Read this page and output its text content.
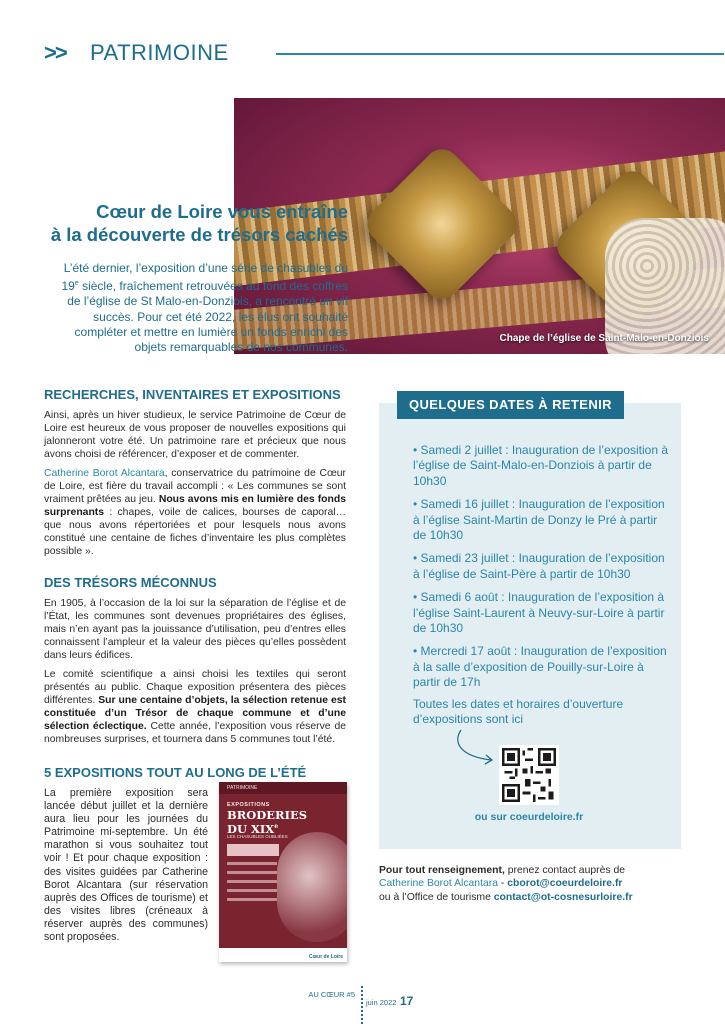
>> PATRIMOINE
Chape de l’église de Saint-Malo-en-Donziois
Cœur de Loire vous entraîne
à la découverte de trésors cachés
L’été dernier, l’exposition d’une série de chasubles du 19e siècle, fraîchement retrouvées au fond des coffres de l’église de St Malo-en-Donziois, a rencontré un vif succès. Pour cet été 2022, les élus ont souhaité compléter et mettre en lumière un fonds enrichi des objets remarquables de nos communes.
RECHERCHES, INVENTAIRES ET EXPOSITIONS

Ainsi, après un hiver studieux, le service Patrimoine de Cœur de Loire est heureux de vous proposer de nouvelles expositions qui jalonneront votre été. Un patrimoine rare et précieux que nous avons choisi de référencer, d’exposer et de commenter.

Catherine Borot Alcantara, conservatrice du patrimoine de Cœur de Loire, est fière du travail accompli : « Les communes se sont vraiment prêtées au jeu. Nous avons mis en lumière des fonds surprenants : chapes, voile de calices, bourses de caporal… que nous avons répertoriées et pour lesquels nous avons constitué une centaine de fiches d’inventaire les plus complètes possible ».

DES TRÉSORS MÉCONNUS

En 1905, à l’occasion de la loi sur la séparation de l’église et de l’État, les communes sont devenues propriétaires des églises, mais n’en ayant pas la jouissance d’utilisation, peu d’entres elles connaissent l’ampleur et la valeur des pièces qu’elles possèdent dans leurs édifices.

Le comité scientifique a ainsi choisi les textiles qui seront présentés au public. Chaque exposition présentera des pièces différentes. Sur une centaine d’objets, la sélection retenue est constituée d’un Trésor de chaque commune et d’une sélection éclectique. Cette année, l’exposition vous réserve de nombreuses surprises, et tournera dans 5 communes tout l’été.

5 EXPOSITIONS TOUT AU LONG DE L’ÉTÉ

La première exposition sera lancée début juillet et la dernière aura lieu pour les journées du Patrimoine mi-septembre. Un été marathon si vous souhaitez tout voir ! Et pour chaque exposition : des visites guidées par Catherine Borot Alcantara (sur réservation auprès des Offices de tourisme) et des visites libres (créneaux à réserver auprès des communes) sont proposées.

PATRIMOINE
EXPOSITIONS
BRODERIES
DU XIXe
LES CHASUBLES OUBLIÉES
Cœur de Loire
QUELQUES DATES À RETENIR
• Samedi 2 juillet : Inauguration de l’exposition à l’église de Saint-Malo-en-Donziois à partir de 10h30
• Samedi 16 juillet : Inauguration de l’exposition à l’église Saint-Martin de Donzy le Pré à partir de 10h30
• Samedi 23 juillet : Inauguration de l’exposition à l’église de Saint-Père à partir de 10h30
• Samedi 6 août : Inauguration de l’exposition à l’église Saint-Laurent à Neuvy-sur-Loire à partir de 10h30
• Mercredi 17 août : Inauguration de l’exposition à la salle d’exposition de Pouilly-sur-Loire à partir de 17h
Toutes les dates et horaires d’ouverture d’expositions sont ici
ou sur coeurdeloire.fr
Pour tout renseignement, prenez contact auprès de
Catherine Borot Alcantara - cborot@coeurdeloire.fr
ou à l’Office de tourisme contact@ot-cosnesurloire.fr
AU CŒUR #5
juin 2022 17
